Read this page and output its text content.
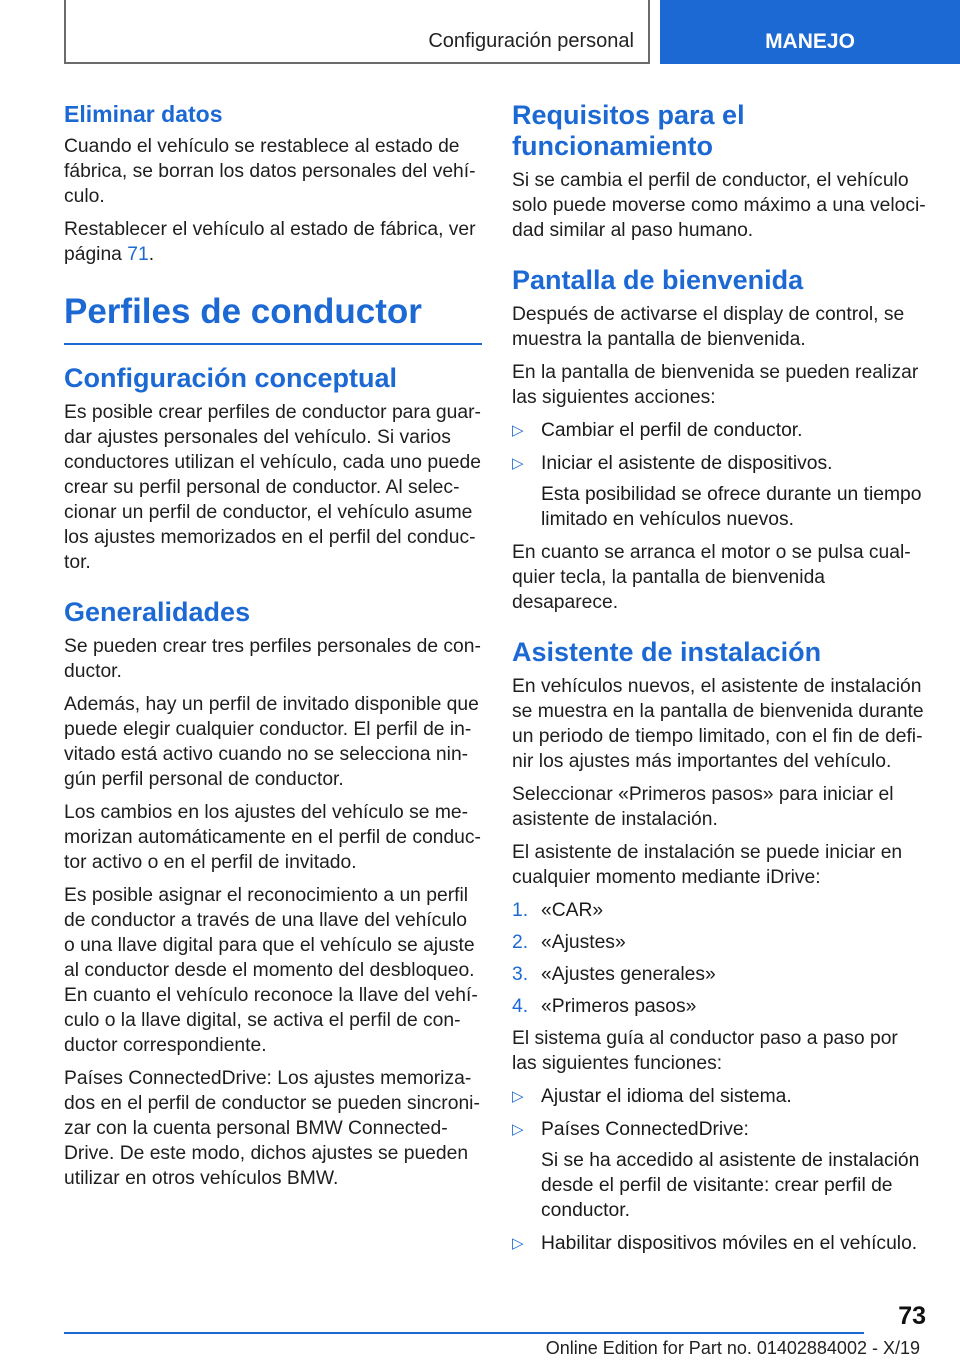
Configuración personal	MANEJO
Eliminar datos

Cuando el vehículo se restablece al estado de fábrica, se borran los datos personales del vehículo.

Restablecer el vehículo al estado de fábrica, ver página 71.

Perfiles de conductor
Configuración conceptual

Es posible crear perfiles de conductor para guardar ajustes personales del vehículo. Si varios conductores utilizan el vehículo, cada uno puede crear su perfil personal de conductor. Al seleccionar un perfil de conductor, el vehículo asume los ajustes memorizados en el perfil del conductor.

Generalidades

Se pueden crear tres perfiles personales de conductor.

Además, hay un perfil de invitado disponible que puede elegir cualquier conductor. El perfil de invitado está activo cuando no se selecciona ningún perfil personal de conductor.

Los cambios en los ajustes del vehículo se memorizan automáticamente en el perfil de conductor activo o en el perfil de invitado.

Es posible asignar el reconocimiento a un perfil de conductor a través de una llave del vehículo o una llave digital para que el vehículo se ajuste al conductor desde el momento del desbloqueo. En cuanto el vehículo reconoce la llave del vehículo o la llave digital, se activa el perfil de conductor correspondiente.

Países ConnectedDrive: Los ajustes memorizados en el perfil de conductor se pueden sincronizar con la cuenta personal BMW ConnectedDrive. De este modo, dichos ajustes se pueden utilizar en otros vehículos BMW.

Requisitos para el funcionamiento

Si se cambia el perfil de conductor, el vehículo solo puede moverse como máximo a una velocidad similar al paso humano.

Pantalla de bienvenida

Después de activarse el display de control, se muestra la pantalla de bienvenida.

En la pantalla de bienvenida se pueden realizar las siguientes acciones:

▷ Cambiar el perfil de conductor.
▷ Iniciar el asistente de dispositivos.
Esta posibilidad se ofrece durante un tiempo limitado en vehículos nuevos.

En cuanto se arranca el motor o se pulsa cualquier tecla, la pantalla de bienvenida desaparece.

Asistente de instalación

En vehículos nuevos, el asistente de instalación se muestra en la pantalla de bienvenida durante un periodo de tiempo limitado, con el fin de definir los ajustes más importantes del vehículo.

Seleccionar «Primeros pasos» para iniciar el asistente de instalación.

El asistente de instalación se puede iniciar en cualquier momento mediante iDrive:

1. «CAR»
2. «Ajustes»
3. «Ajustes generales»
4. «Primeros pasos»

El sistema guía al conductor paso a paso por las siguientes funciones:

▷ Ajustar el idioma del sistema.
▷ Países ConnectedDrive:
Si se ha accedido al asistente de instalación desde el perfil de visitante: crear perfil de conductor.
▷ Habilitar dispositivos móviles en el vehículo.
73
Online Edition for Part no. 01402884002 - X/19
